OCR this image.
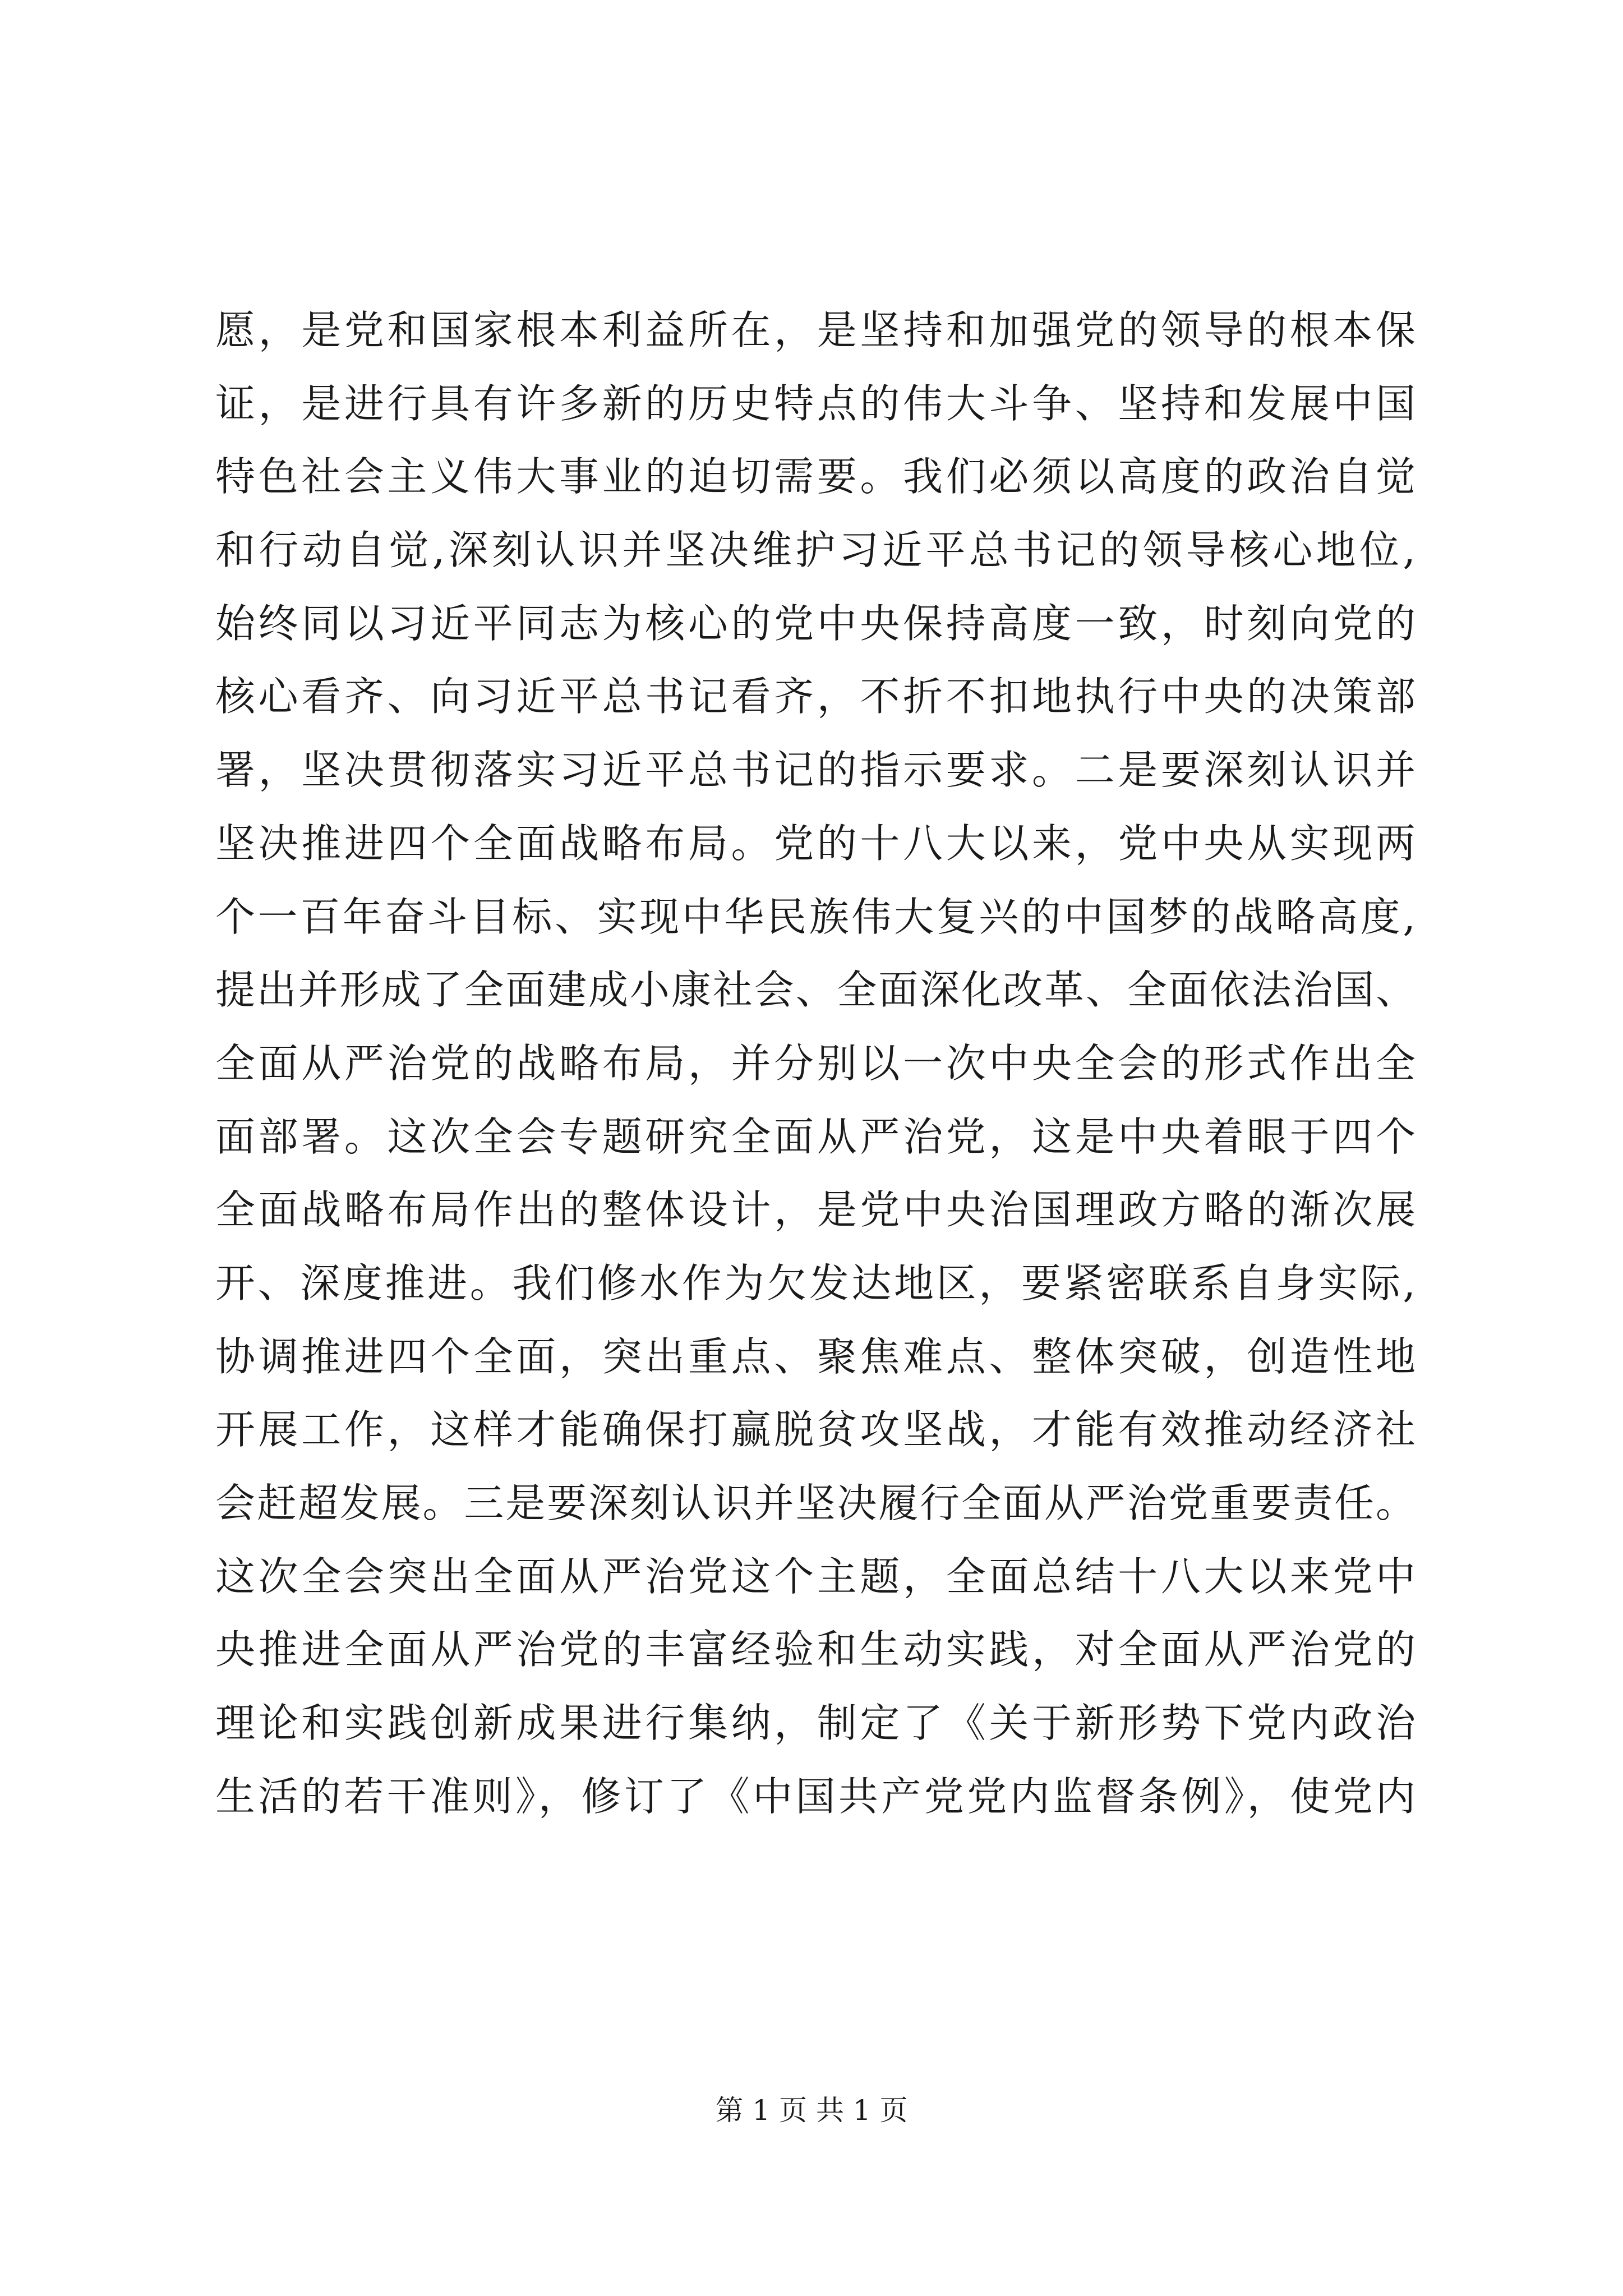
愿，是党和国家根本利益所在，是坚持和加强党的领导的根本保
证，是进行具有许多新的历史特点的伟大斗争、坚持和发展中国
特色社会主义伟大事业的迫切需要。我们必须以高度的政治自觉
和行动自觉,深刻认识并坚决维护习近平总书记的领导核心地位,
始终同以习近平同志为核心的党中央保持高度一致，时刻向党的
核心看齐、向习近平总书记看齐，不折不扣地执行中央的决策部
署，坚决贯彻落实习近平总书记的指示要求。二是要深刻认识并
坚决推进四个全面战略布局。党的十八大以来，党中央从实现两
个一百年奋斗目标、实现中华民族伟大复兴的中国梦的战略高度,
提出并形成了全面建成小康社会、全面深化改革、全面依法治国、
全面从严治党的战略布局，并分别以一次中央全会的形式作出全
面部署。这次全会专题研究全面从严治党，这是中央着眼于四个
全面战略布局作出的整体设计，是党中央治国理政方略的渐次展
开、深度推进。我们修水作为欠发达地区，要紧密联系自身实际,
协调推进四个全面，突出重点、聚焦难点、整体突破，创造性地
开展工作，这样才能确保打赢脱贫攻坚战，才能有效推动经济社
会赶超发展。三是要深刻认识并坚决履行全面从严治党重要责任。
这次全会突出全面从严治党这个主题，全面总结十八大以来党中
央推进全面从严治党的丰富经验和生动实践，对全面从严治党的
理论和实践创新成果进行集纳，制定了《关于新形势下党内政治
生活的若干准则》，修订了《中国共产党党内监督条例》，使党内
第 1 页 共 1 页
